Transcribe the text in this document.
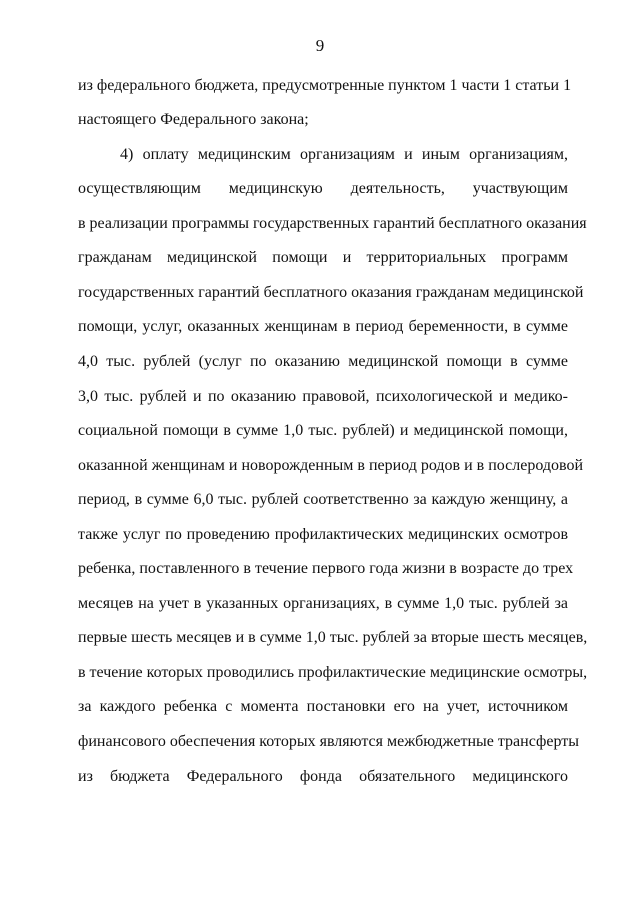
9
из федерального бюджета, предусмотренные пунктом 1 части 1 статьи 1
настоящего Федерального закона;
4) оплату медицинским организациям и иным организациям,
осуществляющим медицинскую деятельность, участвующим
в реализации программы государственных гарантий бесплатного оказания
гражданам медицинской помощи и территориальных программ
государственных гарантий бесплатного оказания гражданам медицинской
помощи, услуг, оказанных женщинам в период беременности, в сумме
4,0 тыс. рублей (услуг по оказанию медицинской помощи в сумме
3,0 тыс. рублей и по оказанию правовой, психологической и медико-
социальной помощи в сумме 1,0 тыс. рублей) и медицинской помощи,
оказанной женщинам и новорожденным в период родов и в послеродовой
период, в сумме 6,0 тыс. рублей соответственно за каждую женщину, а
также услуг по проведению профилактических медицинских осмотров
ребенка, поставленного в течение первого года жизни в возрасте до трех
месяцев на учет в указанных организациях, в сумме 1,0 тыс. рублей за
первые шесть месяцев и в сумме 1,0 тыс. рублей за вторые шесть месяцев,
в течение которых проводились профилактические медицинские осмотры,
за каждого ребенка с момента постановки его на учет, источником
финансового обеспечения которых являются межбюджетные трансферты
из бюджета Федерального фонда обязательного медицинского
